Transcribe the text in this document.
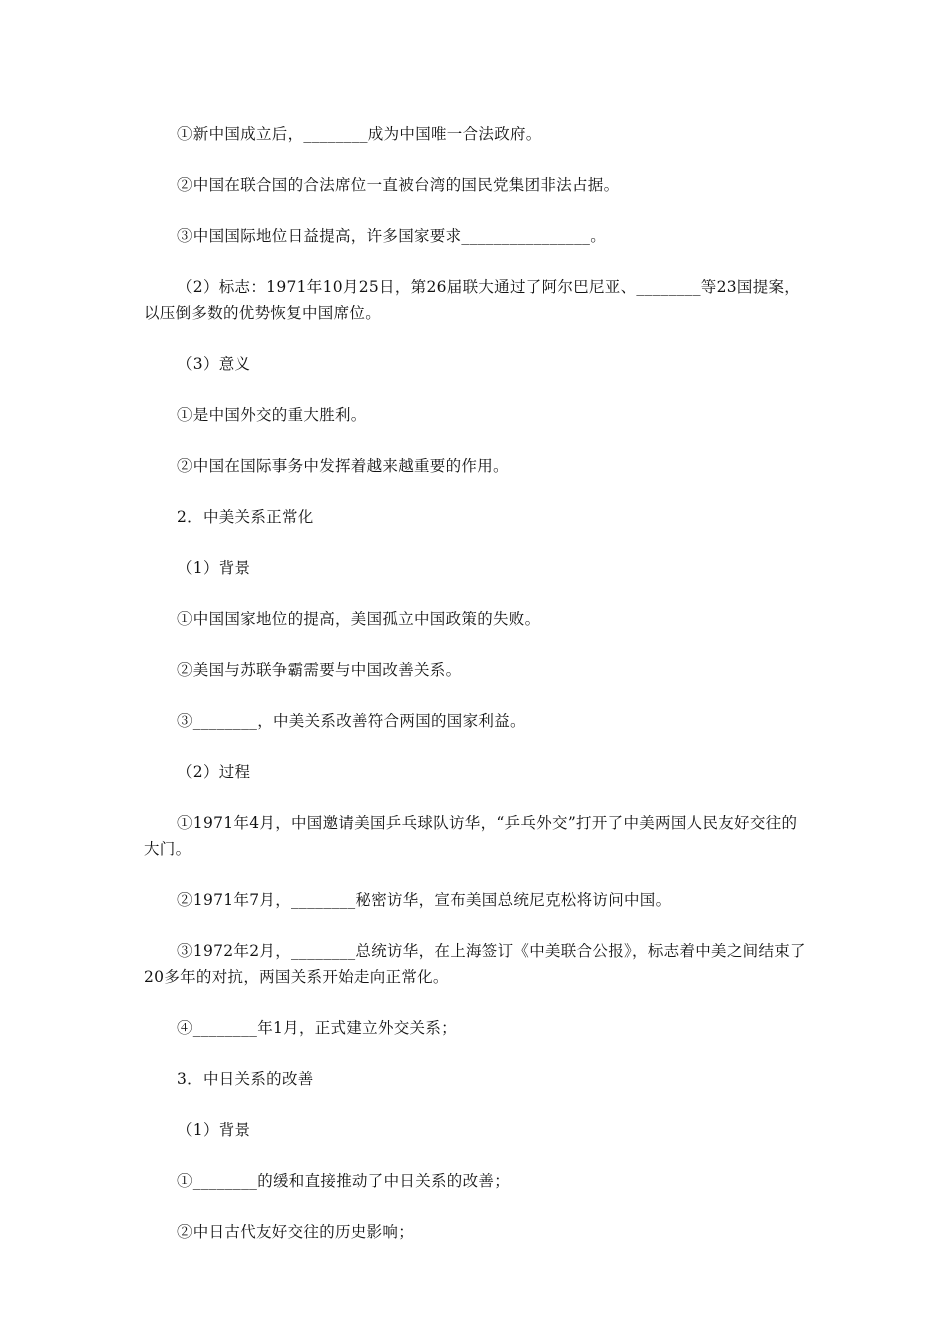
①新中国成立后，________成为中国唯一合法政府。

②中国在联合国的合法席位一直被台湾的国民党集团非法占据。

③中国国际地位日益提高，许多国家要求________________。

（2）标志：1971年10月25日，第26届联大通过了阿尔巴尼亚、________等23国提案，以压倒多数的优势恢复中国席位。

（3）意义

①是中国外交的重大胜利。

②中国在国际事务中发挥着越来越重要的作用。

2．中美关系正常化

（1）背景

①中国国家地位的提高，美国孤立中国政策的失败。

②美国与苏联争霸需要与中国改善关系。

③________，中美关系改善符合两国的国家利益。

（2）过程

①1971年4月，中国邀请美国乒乓球队访华，“乒乓外交”打开了中美两国人民友好交往的大门。

②1971年7月，________秘密访华，宣布美国总统尼克松将访问中国。

③1972年2月，________总统访华，在上海签订《中美联合公报》，标志着中美之间结束了20多年的对抗，两国关系开始走向正常化。

④________年1月，正式建立外交关系；

3．中日关系的改善

（1）背景

①________的缓和直接推动了中日关系的改善；

②中日古代友好交往的历史影响；
